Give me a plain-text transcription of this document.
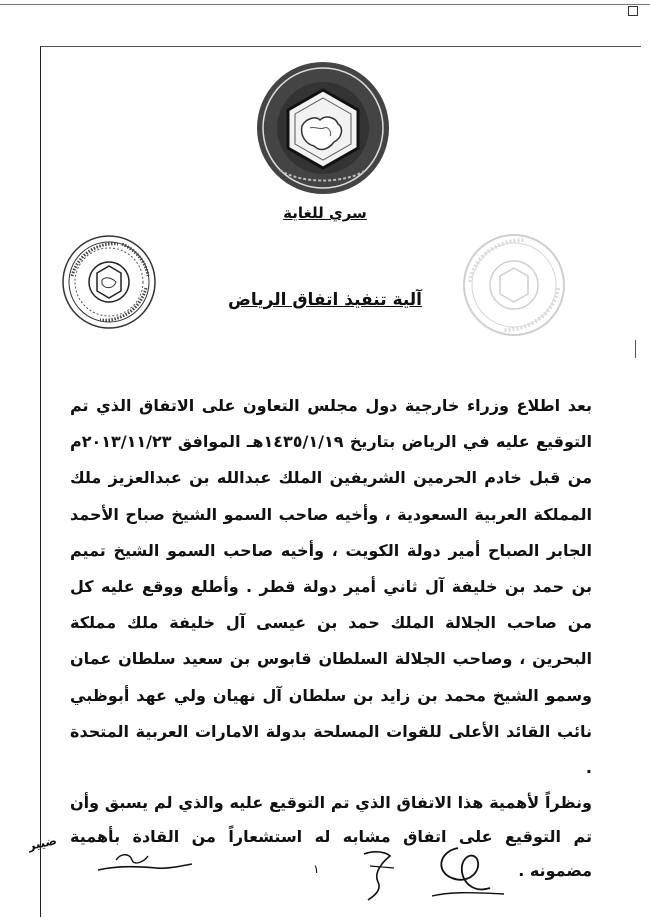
سري للغاية
آلية تنفيذ اتفاق الرياض
بعد اطلاع وزراء خارجية دول مجلس التعاون على الاتفاق الذي تم التوقيع عليه في الرياض بتاريخ ١٤٣٥/١/١٩هـ الموافق ٢٠١٣/١١/٢٣م من قبل خادم الحرمين الشريفين الملك عبدالله بن عبدالعزيز ملك المملكة العربية السعودية ، وأخيه صاحب السمو الشيخ صباح الأحمد الجابر الصباح أمير دولة الكويت ، وأخيه صاحب السمو الشيخ تميم بن حمد بن خليفة آل ثاني أمير دولة قطر . وأطلع ووقع عليه كل من صاحب الجلالة الملك حمد بن عيسى آل خليفة ملك مملكة البحرين ، وصاحب الجلالة السلطان قابوس بن سعيد سلطان عمان وسمو الشيخ محمد بن زايد بن سلطان آل نهيان ولي عهد أبوظبي نائب القائد الأعلى للقوات المسلحة بدولة الامارات العربية المتحدة .
ونظراً لأهمية هذا الاتفاق الذي تم التوقيع عليه والذي لم يسبق وأن تم التوقيع على اتفاق مشابه له استشعاراً من القادة بأهمية مضمونه .
١
ضيير
